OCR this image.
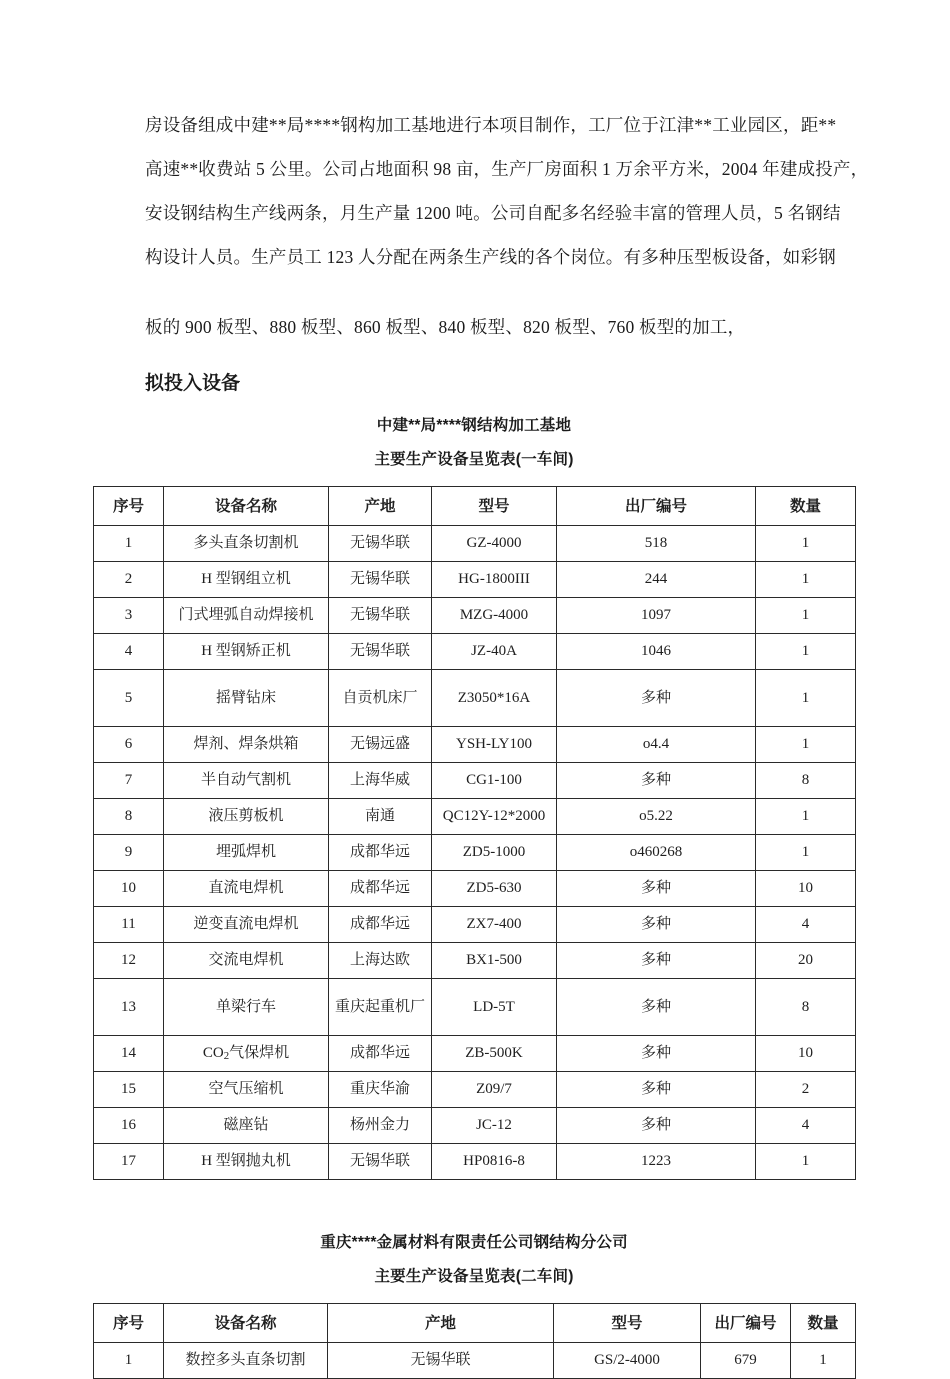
房设备组成中建**局****钢构加工基地进行本项目制作，工厂位于江津**工业园区，距**

高速**收费站 5 公里。公司占地面积 98 亩，生产厂房面积 1 万余平方米，2004 年建成投产，

安设钢结构生产线两条，月生产量 1200 吨。公司自配多名经验丰富的管理人员，5 名钢结

构设计人员。生产员工 123 人分配在两条生产线的各个岗位。有多种压型板设备，如彩钢

板的 900 板型、880 板型、860 板型、840 板型、820 板型、760 板型的加工，

拟投入设备

中建**局****钢结构加工基地

主要生产设备呈览表(一车间)

序号	设备名称	产地	型号	出厂编号	数量
1	多头直条切割机	无锡华联	GZ-4000	518	1
2	H 型钢组立机	无锡华联	HG-1800III	244	1
3	门式埋弧自动焊接机	无锡华联	MZG-4000	1097	1
4	H 型钢矫正机	无锡华联	JZ-40A	1046	1
5	摇臂钻床	自贡机床厂	Z3050*16A	多种	1
6	焊剂、焊条烘箱	无锡远盛	YSH-LY100	o4.4	1
7	半自动气割机	上海华威	CG1-100	多种	8
8	液压剪板机	南通	QC12Y-12*2000	o5.22	1
9	埋弧焊机	成都华远	ZD5-1000	o460268	1
10	直流电焊机	成都华远	ZD5-630	多种	10
11	逆变直流电焊机	成都华远	ZX7-400	多种	4
12	交流电焊机	上海达欧	BX1-500	多种	20
13	单梁行车	重庆起重机厂	LD-5T	多种	8
14	$CO_2$气保焊机	成都华远	ZB-500K	多种	10
15	空气压缩机	重庆华渝	Z09/7	多种	2
16	磁座钻	杨州金力	JC-12	多种	4
17	H 型钢抛丸机	无锡华联	HP0816-8	1223	1

重庆****金属材料有限责任公司钢结构分公司

主要生产设备呈览表(二车间)

序号	设备名称	产地	型号	出厂编号	数量
1	数控多头直条切割	无锡华联	GS/2-4000	679	1
